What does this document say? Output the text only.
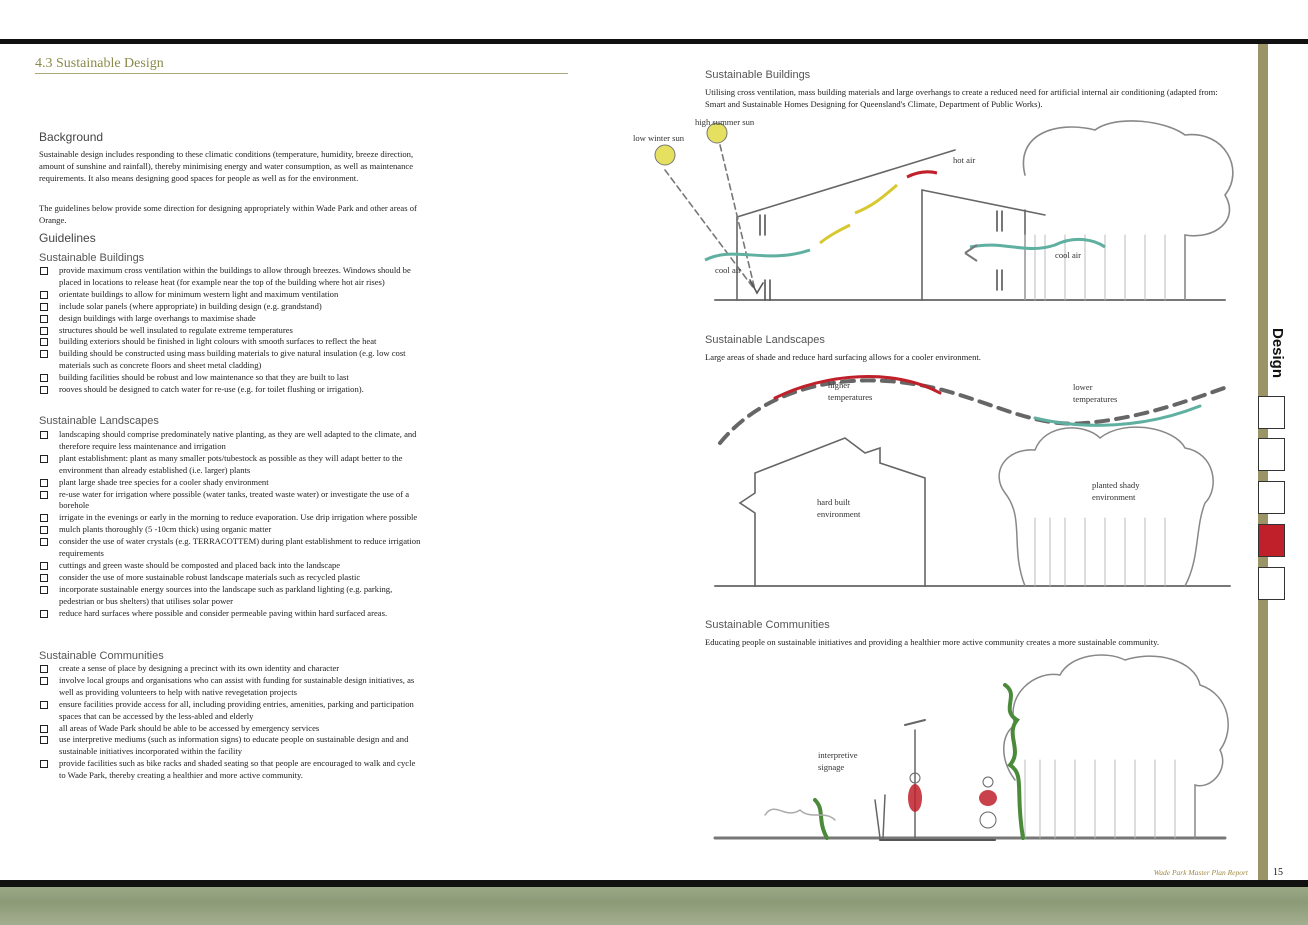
Design
4.3 Sustainable Design
Background
Sustainable design includes responding to these climatic conditions (temperature, humidity, breeze direction, amount of sunshine and rainfall), thereby minimising energy and water consumption, as well as maintenance requirements. It also means designing good spaces for people as well as for the environment.
The guidelines below provide some direction for designing appropriately within Wade Park and other areas of Orange.
Guidelines
Sustainable Buildings
provide maximum cross ventilation within the buildings to allow through breezes. Windows should be placed in locations to release heat (for example near the top of the building where hot air rises)
orientate buildings to allow for minimum western light and maximum ventilation
include solar panels (where appropriate) in building design (e.g. grandstand)
design buildings with large overhangs to maximise shade
structures should be well insulated to regulate extreme temperatures
building exteriors should be finished in light colours with smooth surfaces to reflect the heat
building should be constructed using mass building materials to give natural insulation (e.g. low cost materials such as concrete floors and sheet metal cladding)
building facilities should be robust and low maintenance so that they are built to last
rooves should be designed to catch water for re-use (e.g. for toilet flushing or irrigation).
Sustainable Landscapes
landscaping should comprise predominately native planting, as they are well adapted to the climate, and therefore require less maintenance and irrigation
plant establishment: plant as many smaller pots/tubestock as possible as they will adapt better to the environment than already established (i.e. larger) plants
plant large shade tree species for a cooler shady environment
re-use water for irrigation where possible (water tanks, treated waste water) or investigate the use of a borehole
irrigate in the evenings or early in the morning to reduce evaporation. Use drip irrigation where possible
mulch plants thoroughly (5 -10cm thick) using organic matter
consider the use of water crystals (e.g. TERRACOTTEM) during plant establishment to reduce irrigation requirements
cuttings and green waste should be composted and placed back into the landscape
consider the use of more sustainable robust landscape materials such as recycled plastic
incorporate sustainable energy sources into the landscape such as parkland lighting (e.g. parking, pedestrian or bus shelters) that utilises solar power
reduce hard surfaces where possible and consider permeable paving within hard surfaced areas.
Sustainable Communities
create a sense of place by designing a precinct with its own identity and character
involve local groups and organisations who can assist with funding for sustainable design initiatives, as well as providing volunteers to help with native revegetation projects
ensure facilities provide access for all, including providing entries, amenities, parking and participation spaces that can be accessed by the less-abled and elderly
all areas of Wade Park should be able to be accessed by emergency services
use interpretive mediums (such as information signs) to educate people on sustainable design and and sustainable initiatives incorporated within the facility
provide facilities such as bike racks and shaded seating so that people are encouraged to walk and cycle to Wade Park, thereby creating a healthier and more active community.
Sustainable Buildings
Utilising cross ventilation, mass building materials and large overhangs to create a reduced need for artificial internal air conditioning (adapted from: Smart and Sustainable Homes Designing for Queensland's Climate, Department of Public Works).
high summer sun
low winter sun
hot air
cool air
cool air
Sustainable Landscapes
Large areas of shade and reduce hard surfacing allows for a cooler environment.
higher
temperatures
lower
temperatures
hard built
environment
planted shady
environment
Sustainable Communities
Educating people on sustainable initiatives and providing a healthier more active community creates a more sustainable community.
interpretive
signage
Wade Park Master Plan Report	15
